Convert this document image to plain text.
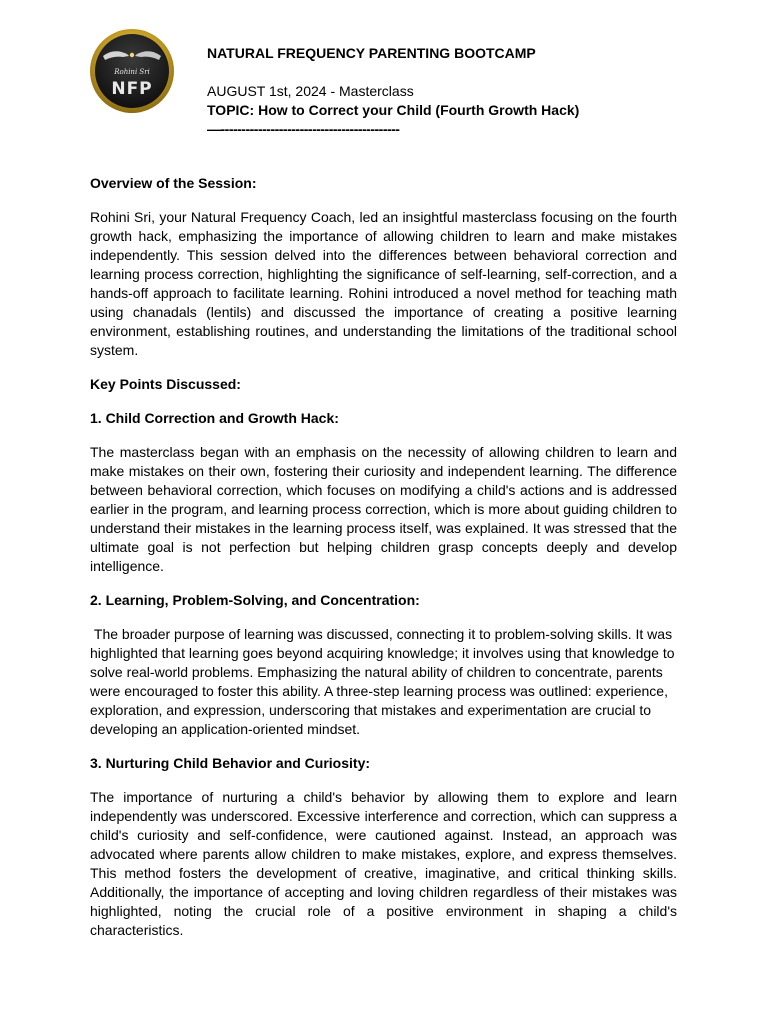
Rohini Sri
NFP

NATURAL FREQUENCY PARENTING BOOTCAMP

AUGUST 1st, 2024 - Masterclass

TOPIC: How to Correct your Child (Fourth Growth Hack)

—-------------------------------------------

Overview of the Session:

Rohini Sri, your Natural Frequency Coach, led an insightful masterclass focusing on the fourth growth hack, emphasizing the importance of allowing children to learn and make mistakes independently. This session delved into the differences between behavioral correction and learning process correction, highlighting the significance of self-learning, self-correction, and a hands-off approach to facilitate learning. Rohini introduced a novel method for teaching math using chanadals (lentils) and discussed the importance of creating a positive learning environment, establishing routines, and understanding the limitations of the traditional school system.

Key Points Discussed:
1. Child Correction and Growth Hack:

The masterclass began with an emphasis on the necessity of allowing children to learn and make mistakes on their own, fostering their curiosity and independent learning. The difference between behavioral correction, which focuses on modifying a child's actions and is addressed earlier in the program, and learning process correction, which is more about guiding children to understand their mistakes in the learning process itself, was explained. It was stressed that the ultimate goal is not perfection but helping children grasp concepts deeply and develop intelligence.

2. Learning, Problem-Solving, and Concentration:

The broader purpose of learning was discussed, connecting it to problem-solving skills. It was highlighted that learning goes beyond acquiring knowledge; it involves using that knowledge to solve real-world problems. Emphasizing the natural ability of children to concentrate, parents were encouraged to foster this ability. A three-step learning process was outlined: experience, exploration, and expression, underscoring that mistakes and experimentation are crucial to developing an application-oriented mindset.

3. Nurturing Child Behavior and Curiosity:

The importance of nurturing a child's behavior by allowing them to explore and learn independently was underscored. Excessive interference and correction, which can suppress a child's curiosity and self-confidence, were cautioned against. Instead, an approach was advocated where parents allow children to make mistakes, explore, and express themselves. This method fosters the development of creative, imaginative, and critical thinking skills. Additionally, the importance of accepting and loving children regardless of their mistakes was highlighted, noting the crucial role of a positive environment in shaping a child's characteristics.
